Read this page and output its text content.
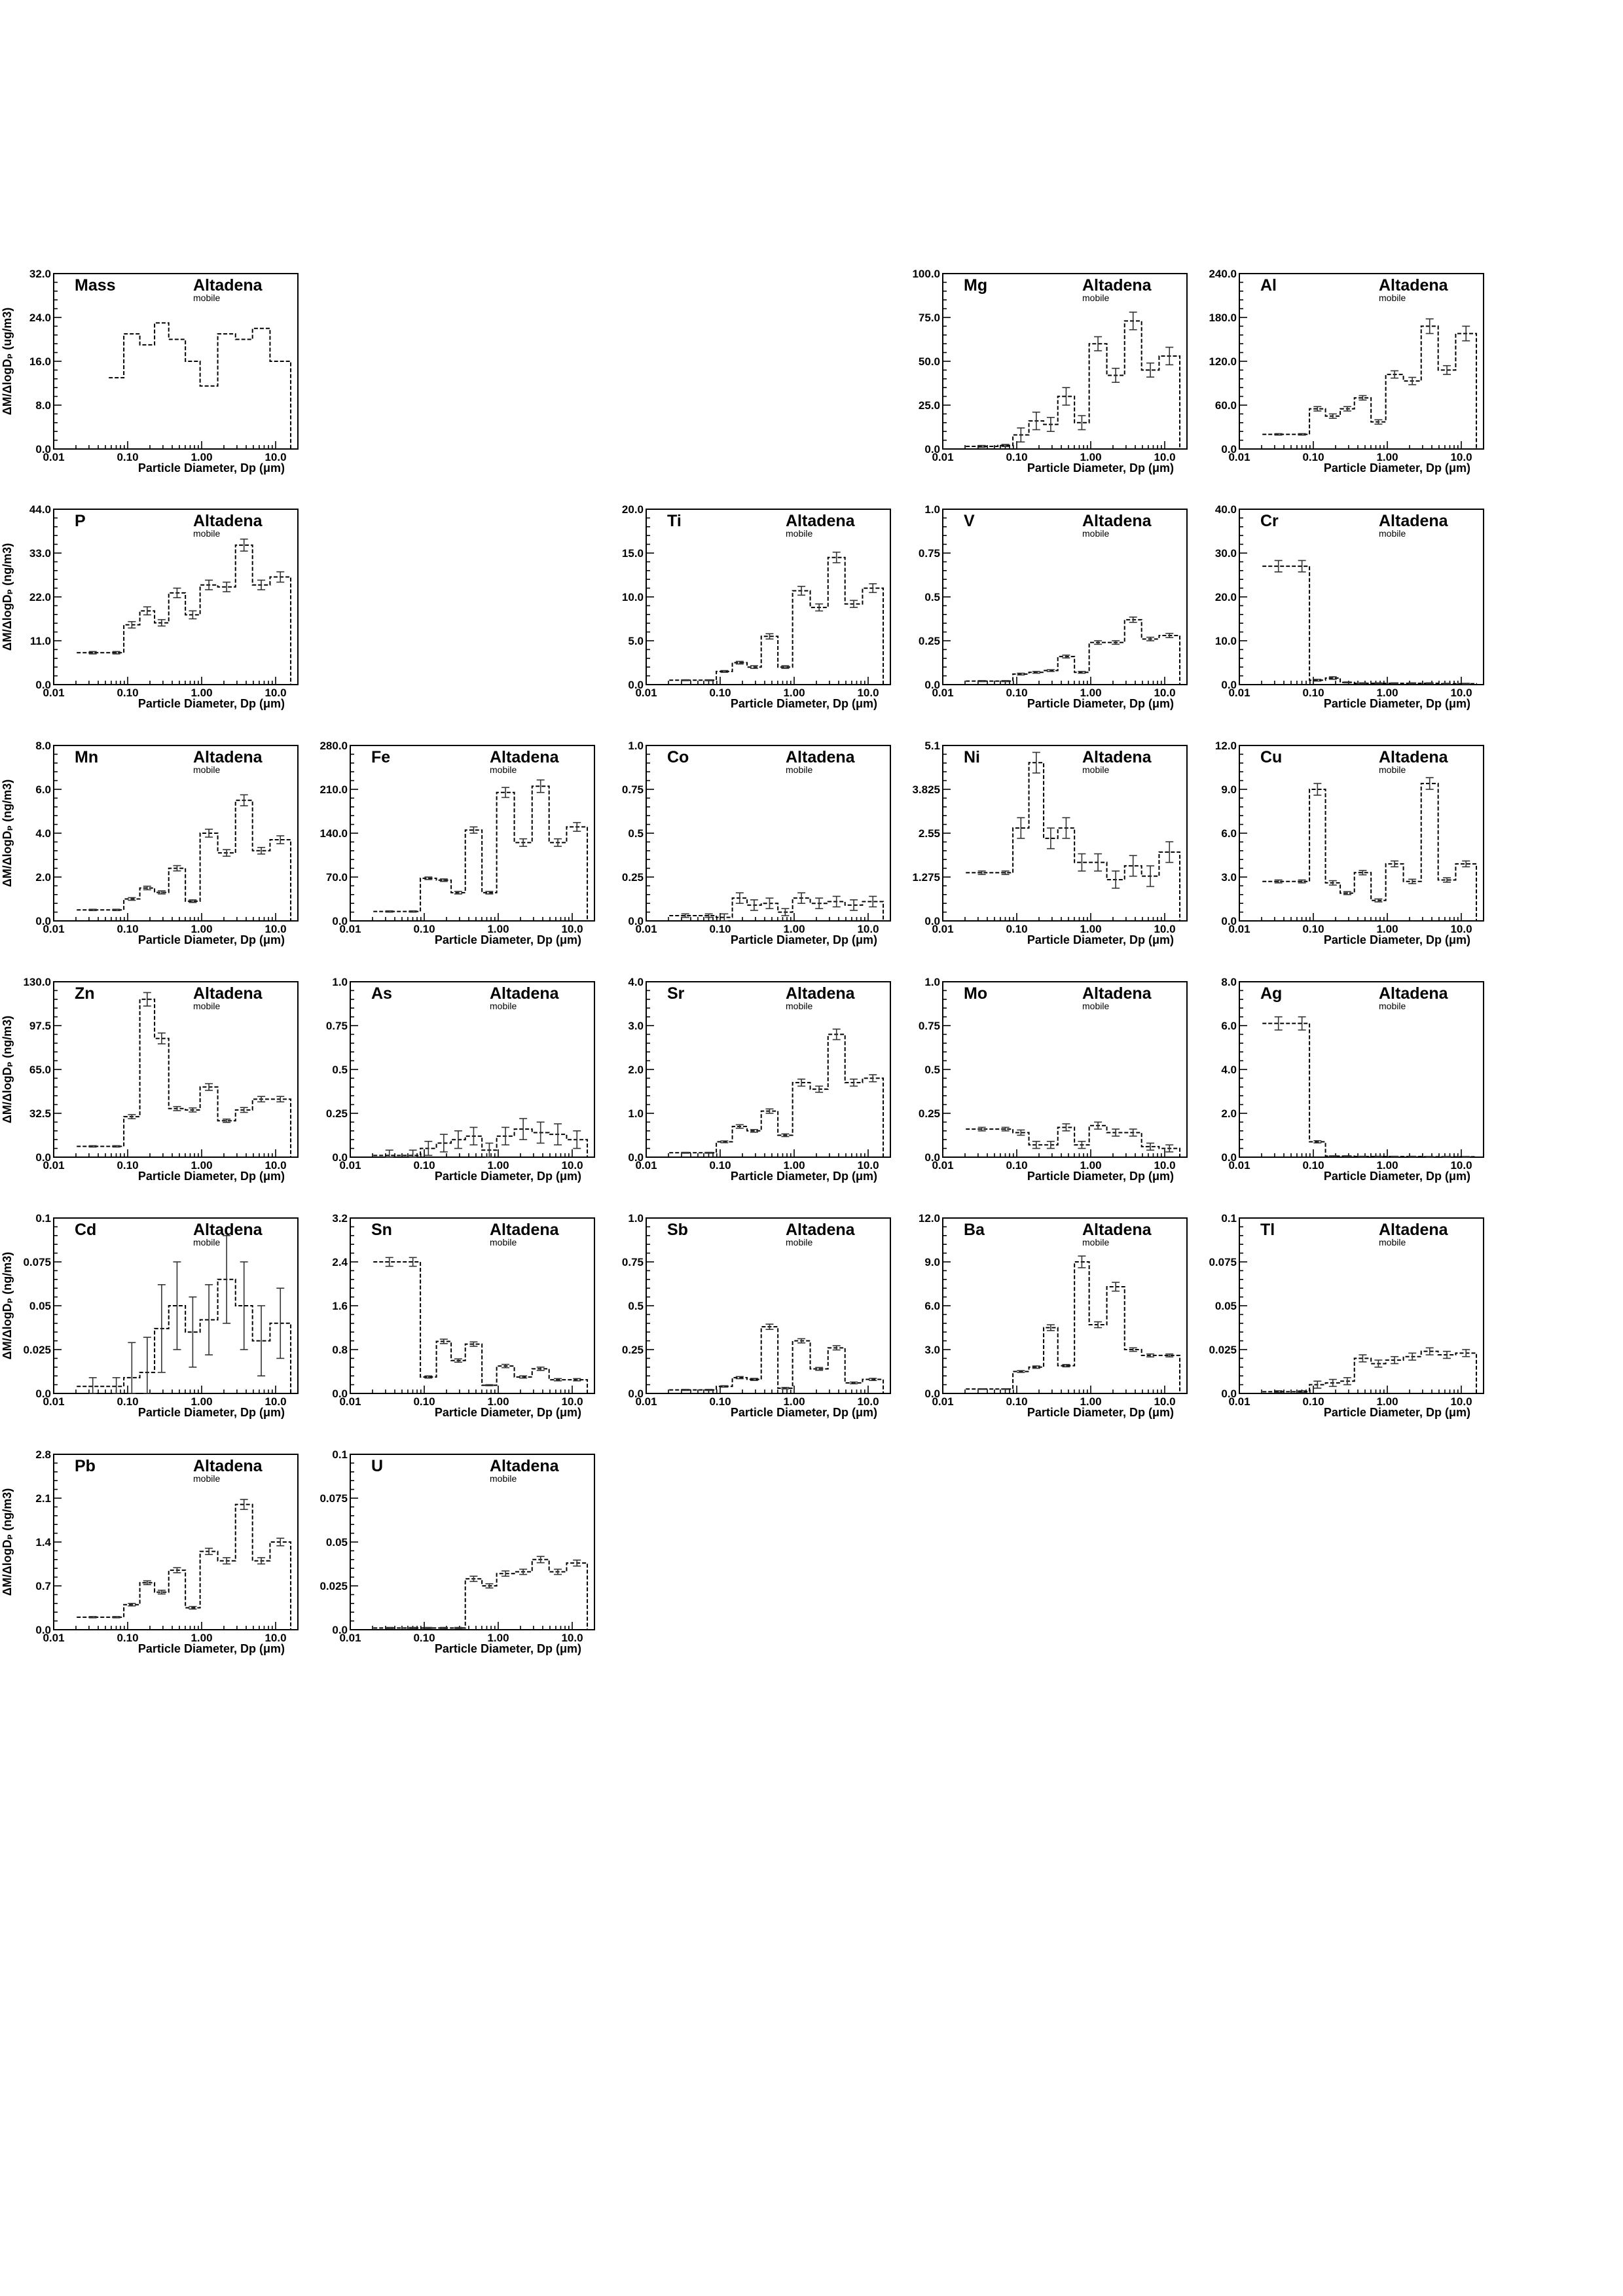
0.01	0.10	1.00	10.0
0.0
8.0
16.0
24.0
32.0
Mass	Altadena
mobile
Particle Diameter, Dp (μm)
ΔM/ΔlogDₚ (ug/m3)
0.01	0.10	1.00	10.0
0.0
25.0
50.0
75.0
100.0
Mg	Altadena
mobile
Particle Diameter, Dp (μm)
0.01	0.10	1.00	10.0
0.0
60.0
120.0
180.0
240.0
Al	Altadena
mobile
Particle Diameter, Dp (μm)
0.01	0.10	1.00	10.0
0.0
11.0
22.0
33.0
44.0
P	Altadena
mobile
Particle Diameter, Dp (μm)
ΔM/ΔlogDₚ (ng/m3)
0.01	0.10	1.00	10.0
0.0
5.0
10.0
15.0
20.0
Ti	Altadena
mobile
Particle Diameter, Dp (μm)
0.01	0.10	1.00	10.0
0.0
0.25
0.5
0.75
1.0
V	Altadena
mobile
Particle Diameter, Dp (μm)
0.01	0.10	1.00	10.0
0.0
10.0
20.0
30.0
40.0
Cr	Altadena
mobile
Particle Diameter, Dp (μm)
0.01	0.10	1.00	10.0
0.0
2.0
4.0
6.0
8.0
Mn	Altadena
mobile
Particle Diameter, Dp (μm)
ΔM/ΔlogDₚ (ng/m3)
0.01	0.10	1.00	10.0
0.0
70.0
140.0
210.0
280.0
Fe	Altadena
mobile
Particle Diameter, Dp (μm)
0.01	0.10	1.00	10.0
0.0
0.25
0.5
0.75
1.0
Co	Altadena
mobile
Particle Diameter, Dp (μm)
0.01	0.10	1.00	10.0
0.0
1.275
2.55
3.825
5.1
Ni	Altadena
mobile
Particle Diameter, Dp (μm)
0.01	0.10	1.00	10.0
0.0
3.0
6.0
9.0
12.0
Cu	Altadena
mobile
Particle Diameter, Dp (μm)
0.01	0.10	1.00	10.0
0.0
32.5
65.0
97.5
130.0
Zn	Altadena
mobile
Particle Diameter, Dp (μm)
ΔM/ΔlogDₚ (ng/m3)
0.01	0.10	1.00	10.0
0.0
0.25
0.5
0.75
1.0
As	Altadena
mobile
Particle Diameter, Dp (μm)
0.01	0.10	1.00	10.0
0.0
1.0
2.0
3.0
4.0
Sr	Altadena
mobile
Particle Diameter, Dp (μm)
0.01	0.10	1.00	10.0
0.0
0.25
0.5
0.75
1.0
Mo	Altadena
mobile
Particle Diameter, Dp (μm)
0.01	0.10	1.00	10.0
0.0
2.0
4.0
6.0
8.0
Ag	Altadena
mobile
Particle Diameter, Dp (μm)
0.01	0.10	1.00	10.0
0.0
0.025
0.05
0.075
0.1
Cd	Altadena
mobile
Particle Diameter, Dp (μm)
ΔM/ΔlogDₚ (ng/m3)
0.01	0.10	1.00	10.0
0.0
0.8
1.6
2.4
3.2
Sn	Altadena
mobile
Particle Diameter, Dp (μm)
0.01	0.10	1.00	10.0
0.0
0.25
0.5
0.75
1.0
Sb	Altadena
mobile
Particle Diameter, Dp (μm)
0.01	0.10	1.00	10.0
0.0
3.0
6.0
9.0
12.0
Ba	Altadena
mobile
Particle Diameter, Dp (μm)
0.01	0.10	1.00	10.0
0.0
0.025
0.05
0.075
0.1
Tl	Altadena
mobile
Particle Diameter, Dp (μm)
0.01	0.10	1.00	10.0
0.0
0.7
1.4
2.1
2.8
Pb	Altadena
mobile
Particle Diameter, Dp (μm)
ΔM/ΔlogDₚ (ng/m3)
0.01	0.10	1.00	10.0
0.0
0.025
0.05
0.075
0.1
U	Altadena
mobile
Particle Diameter, Dp (μm)
